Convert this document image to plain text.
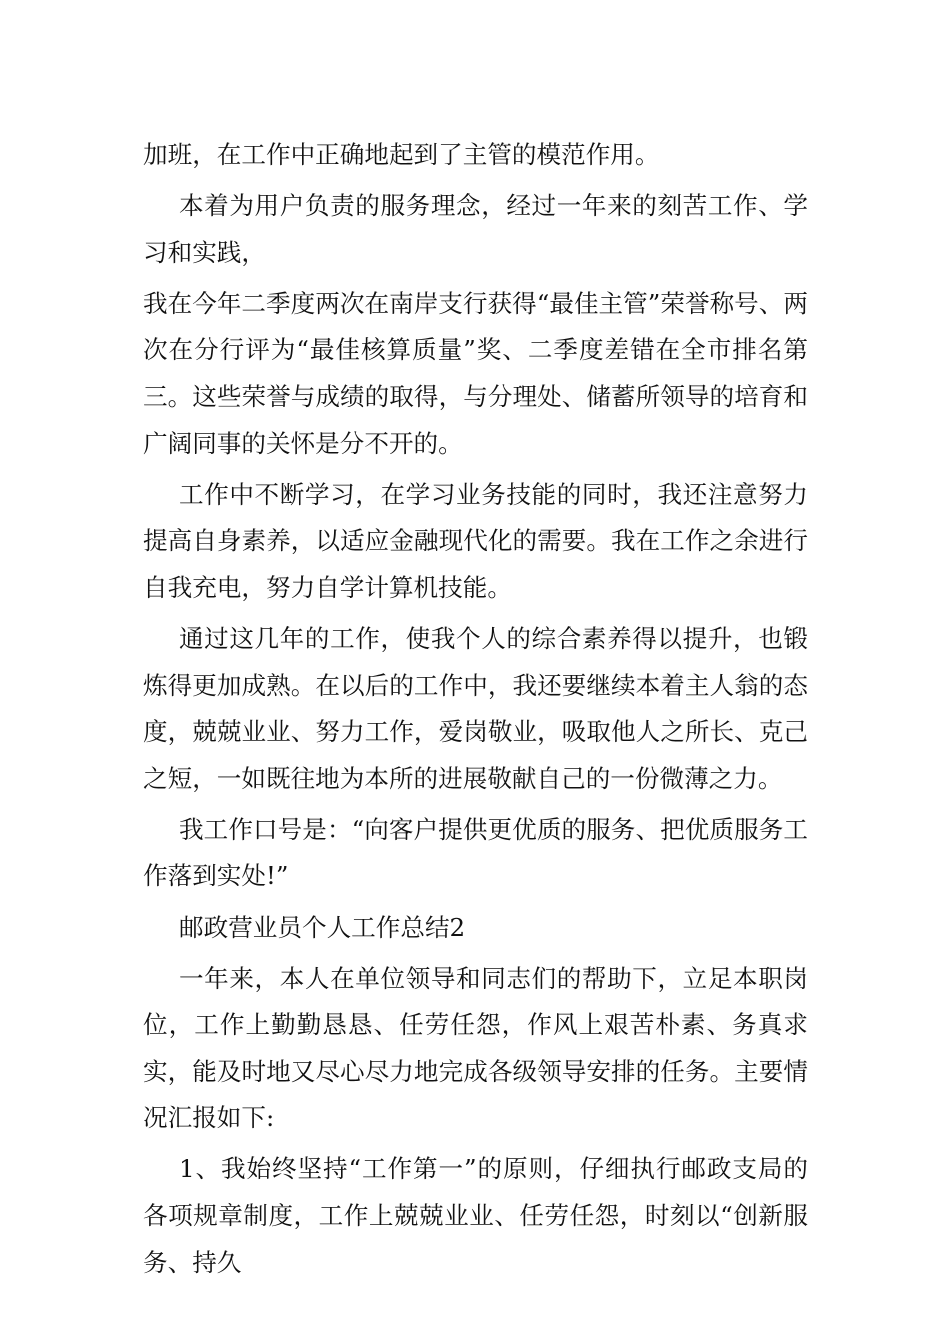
加班，在工作中正确地起到了主管的模范作用。

本着为用户负责的服务理念，经过一年来的刻苦工作、学习和实践，

我在今年二季度两次在南岸支行获得“最佳主管”荣誉称号、两次在分行评为“最佳核算质量”奖、二季度差错在全市排名第三。这些荣誉与成绩的取得，与分理处、储蓄所领导的培育和广阔同事的关怀是分不开的。

工作中不断学习，在学习业务技能的同时，我还注意努力提高自身素养，以适应金融现代化的需要。我在工作之余进行自我充电，努力自学计算机技能。

通过这几年的工作，使我个人的综合素养得以提升，也锻炼得更加成熟。在以后的工作中，我还要继续本着主人翁的态度，兢兢业业、努力工作，爱岗敬业，吸取他人之所长、克己之短，一如既往地为本所的进展敬献自己的一份微薄之力。

我工作口号是：“向客户提供更优质的服务、把优质服务工作落到实处!”

邮政营业员个人工作总结2

一年来，本人在单位领导和同志们的帮助下，立足本职岗位，工作上勤勤恳恳、任劳任怨，作风上艰苦朴素、务真求实，能及时地又尽心尽力地完成各级领导安排的任务。主要情况汇报如下:

1、我始终坚持“工作第一”的原则，仔细执行邮政支局的各项规章制度，工作上兢兢业业、任劳任怨，时刻以“创新服务、持久
